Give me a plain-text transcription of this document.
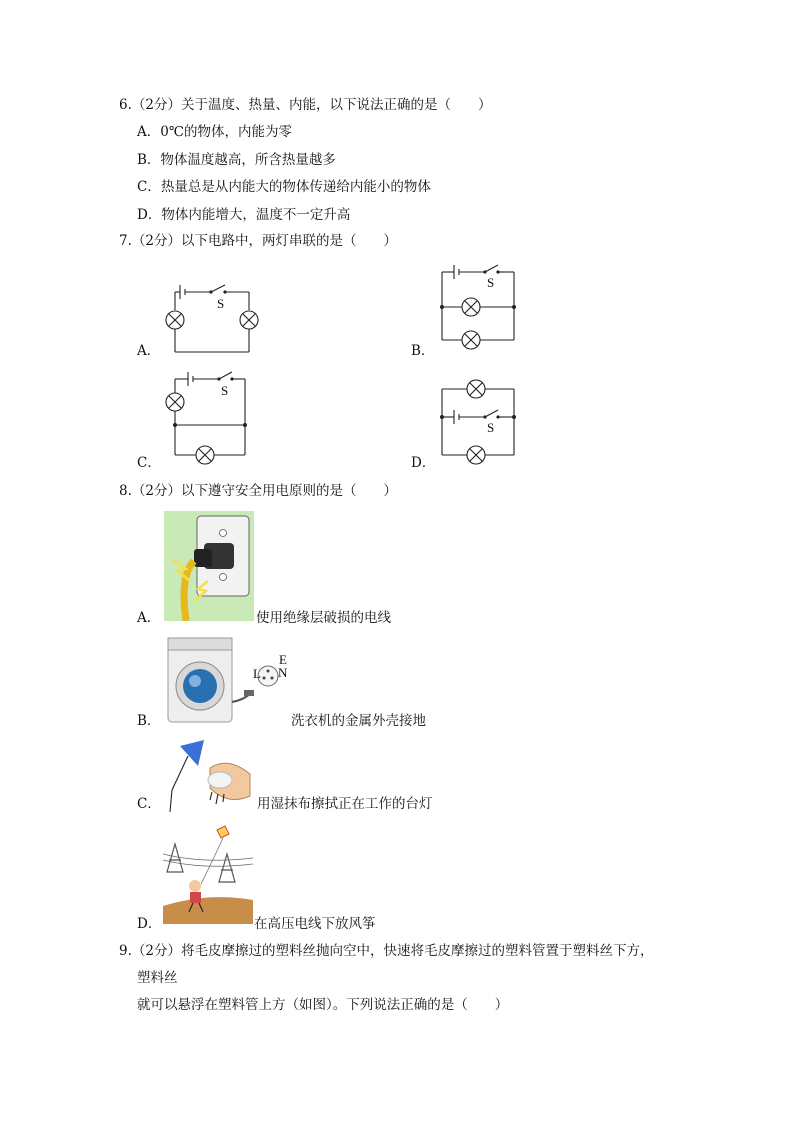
6.（2分）关于温度、热量、内能，以下说法正确的是（　　）
A．0℃的物体，内能为零
B．物体温度越高，所含热量越多
C．热量总是从内能大的物体传递给内能小的物体
D．物体内能增大，温度不一定升高
7.（2分）以下电路中，两灯串联的是（　　）
A．
S
B．
S
C．
S
D．
S
8.（2分）以下遵守安全用电原则的是（　　）
A．	使用绝缘层破损的电线
B．
E
L N
洗衣机的金属外壳接地
C．	用湿抹布擦拭正在工作的台灯
D．	在高压电线下放风筝
9.（2分）将毛皮摩擦过的塑料丝抛向空中，快速将毛皮摩擦过的塑料管置于塑料丝下方，
塑料丝
就可以悬浮在塑料管上方（如图）。下列说法正确的是（　　）
